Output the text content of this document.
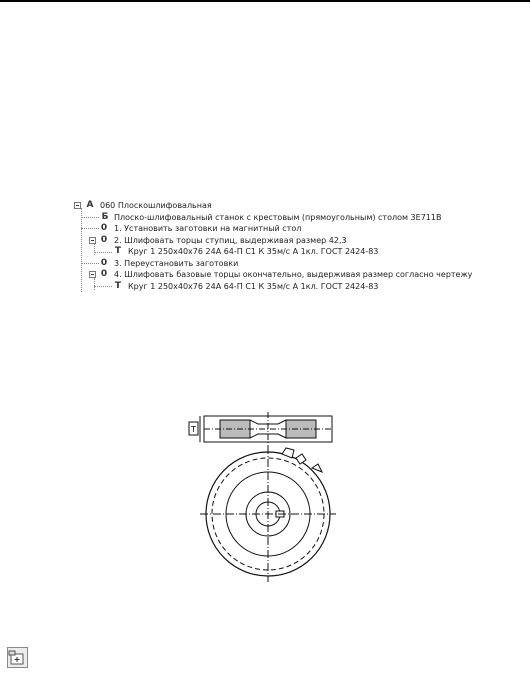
A 060 Плоскошлифовальная
Б Плоско-шлифовальный станок с крестовым (прямоугольным) столом 3Е711В
0 1. Установить заготовки на магнитный стол
0 2. Шлифовать торцы ступиц, выдерживая размер 42,3
T Круг 1 250x40x76 24А 64-П С1 К 35м/с А 1кл. ГОСТ 2424-83
0 3. Переустановить заготовки
0 4. Шлифовать базовые торцы окончательно, выдерживая размер согласно чертежу
T Круг 1 250x40x76 24А 64-П С1 К 35м/с А 1кл. ГОСТ 2424-83
T
